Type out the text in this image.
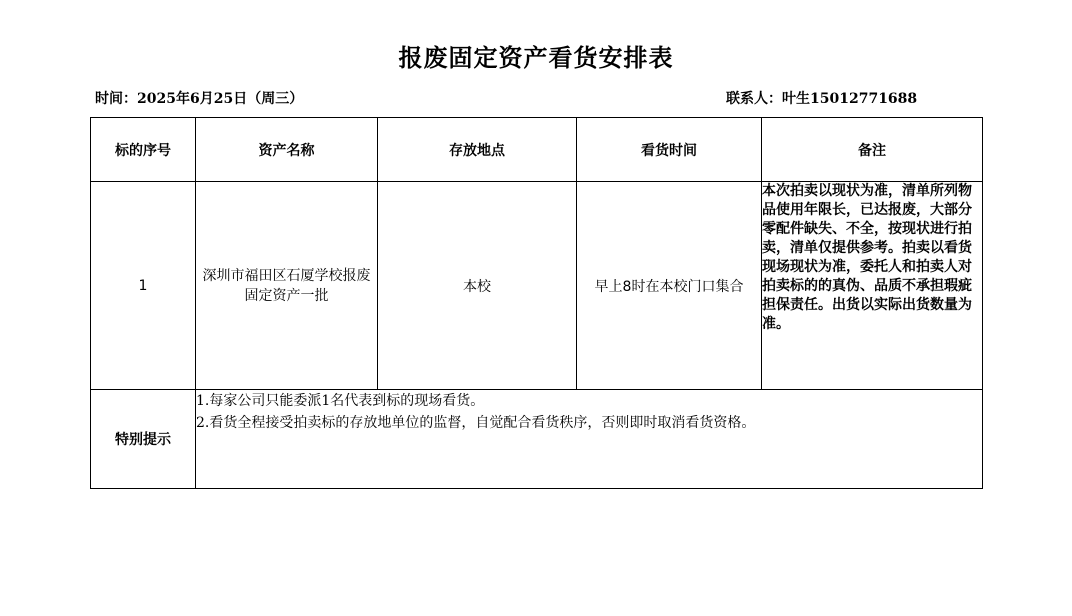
报废固定资产看货安排表
时间：2025年6月25日（周三）	联系人：叶生15012771688
标的序号	资产名称	存放地点	看货时间	备注
1	深圳市福田区石厦学校报废固定资产一批	本校	早上8时在本校门口集合	本次拍卖以现状为准，清单所列物品使用年限长，已达报废，大部分零配件缺失、不全，按现状进行拍卖，清单仅提供参考。拍卖以看货现场现状为准，委托人和拍卖人对拍卖标的的真伪、品质不承担瑕疵担保责任。出货以实际出货数量为准。
特别提示	1.每家公司只能委派1名代表到标的现场看货。
2.看货全程接受拍卖标的存放地单位的监督，自觉配合看货秩序，否则即时取消看货资格。			
